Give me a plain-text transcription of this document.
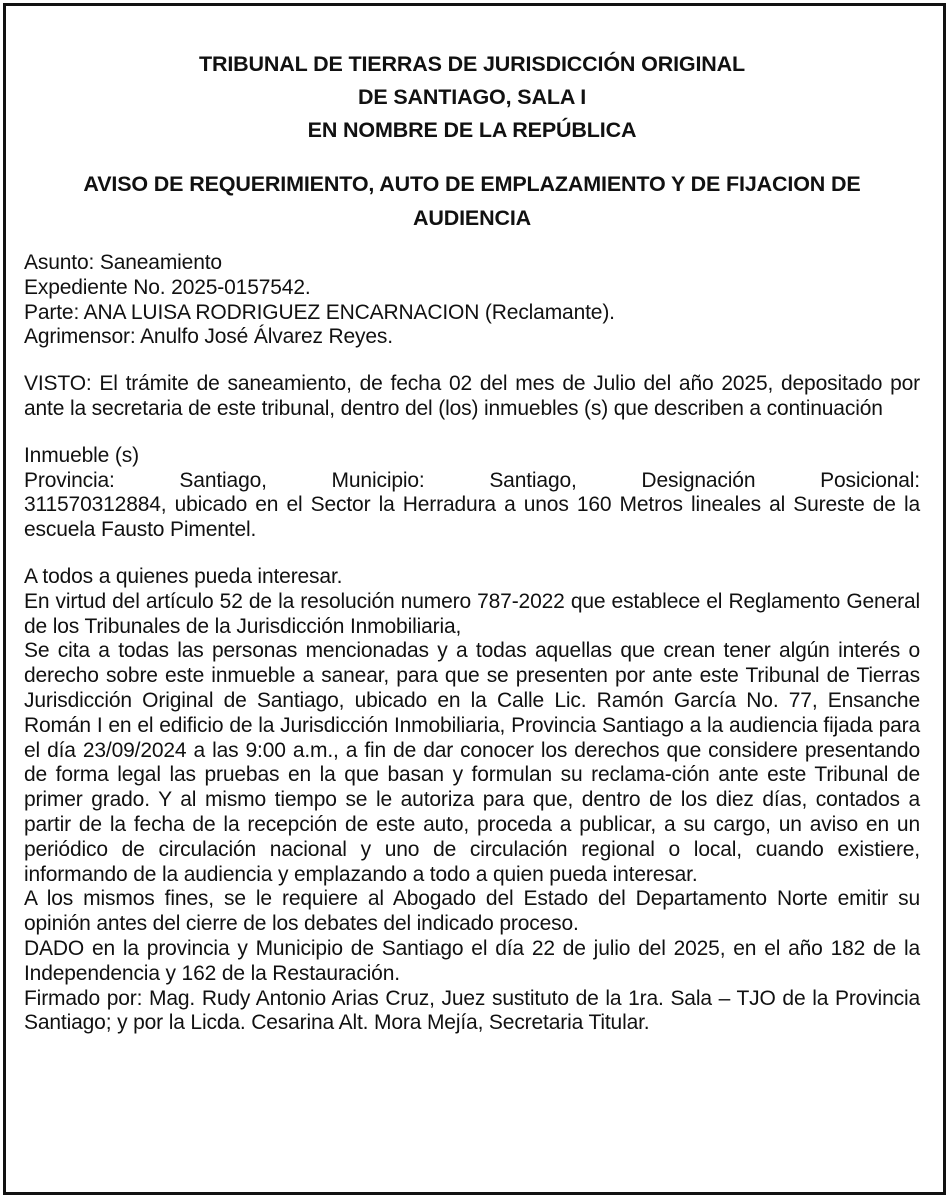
TRIBUNAL DE TIERRAS DE JURISDICCIÓN ORIGINAL

DE SANTIAGO, SALA I

EN NOMBRE DE LA REPÚBLICA

AVISO DE REQUERIMIENTO, AUTO DE EMPLAZAMIENTO Y DE FIJACION DE AUDIENCIA

Asunto: Saneamiento

Expediente No. 2025-0157542.

Parte: ANA LUISA RODRIGUEZ ENCARNACION (Reclamante).

Agrimensor: Anulfo José Álvarez Reyes.

VISTO: El trámite de saneamiento, de fecha 02 del mes de Julio del año 2025, depositado por ante la secretaria de este tribunal, dentro del (los) inmuebles (s) que describen a continuación

Inmueble (s)

Provincia: Santiago, Municipio: Santiago, Designación Posicional:

311570312884, ubicado en el Sector la Herradura a unos 160 Metros lineales al Sureste de la escuela Fausto Pimentel.

A todos a quienes pueda interesar.

En virtud del artículo 52 de la resolución numero 787-2022 que establece el Reglamento General de los Tribunales de la Jurisdicción Inmobiliaria,

Se cita a todas las personas mencionadas y a todas aquellas que crean tener algún interés o derecho sobre este inmueble a sanear, para que se presenten por ante este Tribunal de Tierras Jurisdicción Original de Santiago, ubicado en la Calle Lic. Ramón García No. 77, Ensanche Román I en el edificio de la Jurisdicción Inmobiliaria, Provincia Santiago a la audiencia fijada para el día 23/09/2024 a las 9:00 a.m., a fin de dar conocer los derechos que considere presentando de forma legal las pruebas en la que basan y formulan su reclama-ción ante este Tribunal de primer grado. Y al mismo tiempo se le autoriza para que, dentro de los diez días, contados a partir de la fecha de la recepción de este auto, proceda a publicar, a su cargo, un aviso en un periódico de circulación nacional y uno de circulación regional o local, cuando existiere, informando de la audiencia y emplazando a todo a quien pueda interesar.

A los mismos fines, se le requiere al Abogado del Estado del Departamento Norte emitir su opinión antes del cierre de los debates del indicado proceso.

DADO en la provincia y Municipio de Santiago el día 22 de julio del 2025, en el año 182 de la Independencia y 162 de la Restauración.

Firmado por: Mag. Rudy Antonio Arias Cruz, Juez sustituto de la 1ra. Sala – TJO de la Provincia Santiago; y por la Licda. Cesarina Alt. Mora Mejía, Secretaria Titular.
